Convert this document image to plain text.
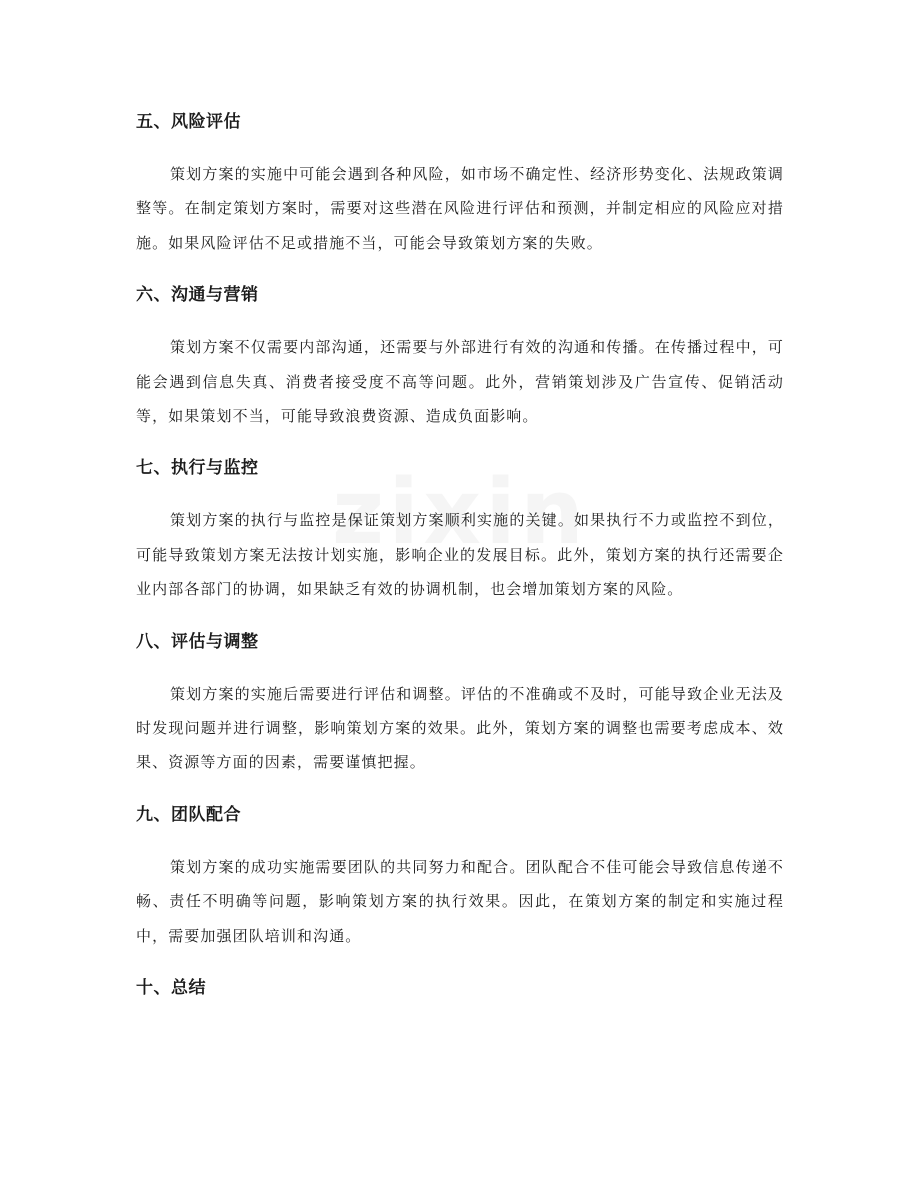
五、风险评估

策划方案的实施中可能会遇到各种风险，如市场不确定性、经济形势变化、法规政策调整等。在制定策划方案时，需要对这些潜在风险进行评估和预测，并制定相应的风险应对措施。如果风险评估不足或措施不当，可能会导致策划方案的失败。

六、沟通与营销

策划方案不仅需要内部沟通，还需要与外部进行有效的沟通和传播。在传播过程中，可能会遇到信息失真、消费者接受度不高等问题。此外，营销策划涉及广告宣传、促销活动等，如果策划不当，可能导致浪费资源、造成负面影响。

七、执行与监控

策划方案的执行与监控是保证策划方案顺利实施的关键。如果执行不力或监控不到位，可能导致策划方案无法按计划实施，影响企业的发展目标。此外，策划方案的执行还需要企业内部各部门的协调，如果缺乏有效的协调机制，也会增加策划方案的风险。

八、评估与调整

策划方案的实施后需要进行评估和调整。评估的不准确或不及时，可能导致企业无法及时发现问题并进行调整，影响策划方案的效果。此外，策划方案的调整也需要考虑成本、效果、资源等方面的因素，需要谨慎把握。

九、团队配合

策划方案的成功实施需要团队的共同努力和配合。团队配合不佳可能会导致信息传递不畅、责任不明确等问题，影响策划方案的执行效果。因此，在策划方案的制定和实施过程中，需要加强团队培训和沟通。

十、总结
